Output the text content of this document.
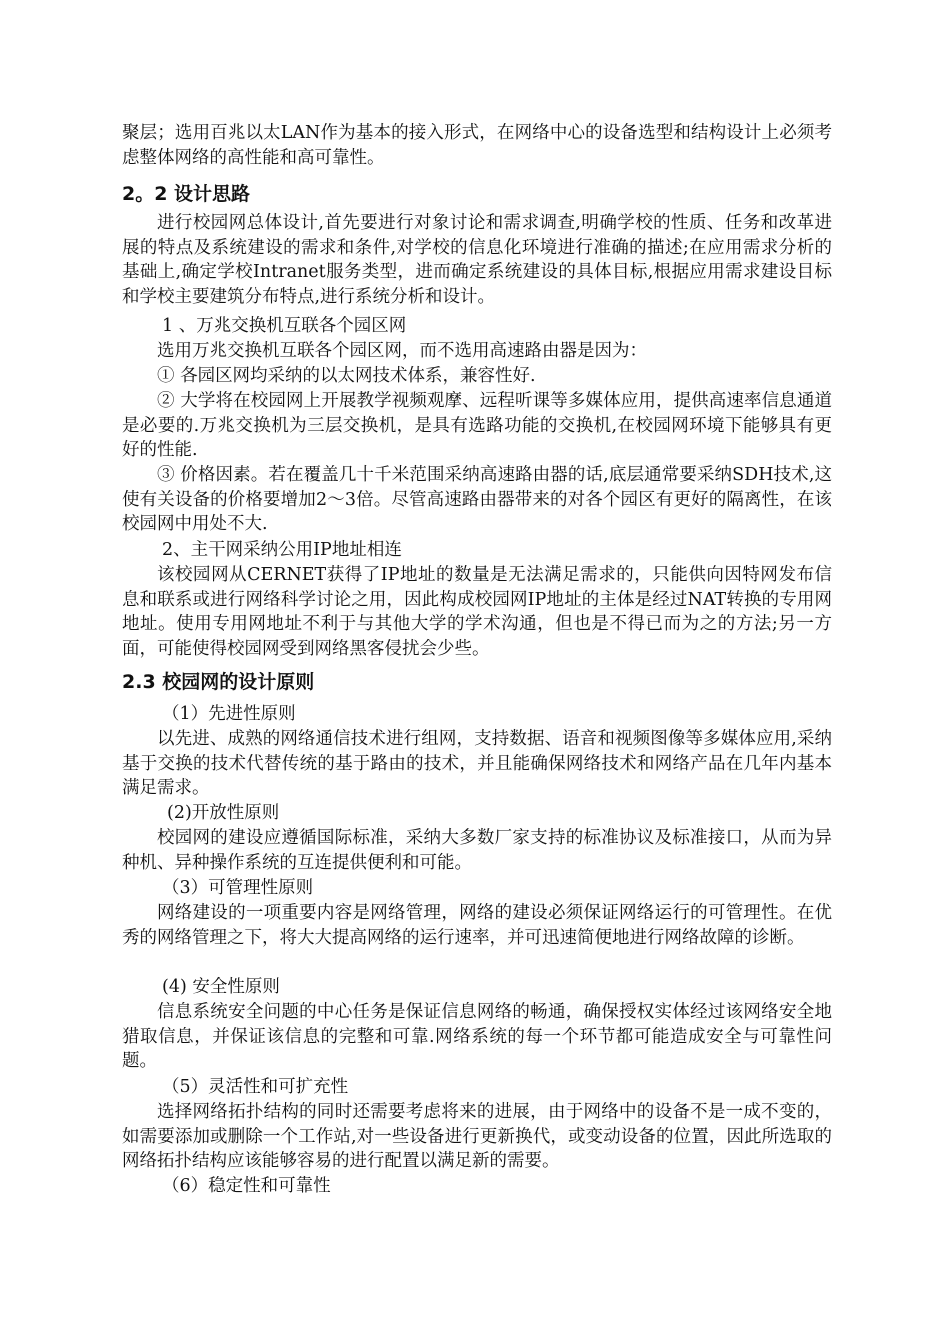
聚层；选用百兆以太LAN作为基本的接入形式，在网络中心的设备选型和结构设计上必须考虑整体网络的高性能和高可靠性。

2。2 设计思路

进行校园网总体设计,首先要进行对象讨论和需求调查,明确学校的性质、任务和改革进展的特点及系统建设的需求和条件,对学校的信息化环境进行准确的描述;在应用需求分析的基础上,确定学校Intranet服务类型，进而确定系统建设的具体目标,根据应用需求建设目标和学校主要建筑分布特点,进行系统分析和设计。

1 、万兆交换机互联各个园区网

选用万兆交换机互联各个园区网，而不选用高速路由器是因为：

① 各园区网均采纳的以太网技术体系，兼容性好.

② 大学将在校园网上开展教学视频观摩、远程听课等多媒体应用，提供高速率信息通道是必要的.万兆交换机为三层交换机，是具有选路功能的交换机,在校园网环境下能够具有更好的性能.

③ 价格因素。若在覆盖几十千米范围采纳高速路由器的话,底层通常要采纳SDH技术,这使有关设备的价格要增加2～3倍。尽管高速路由器带来的对各个园区有更好的隔离性，在该校园网中用处不大.

2、主干网采纳公用IP地址相连

该校园网从CERNET获得了IP地址的数量是无法满足需求的，只能供向因特网发布信息和联系或进行网络科学讨论之用，因此构成校园网IP地址的主体是经过NAT转换的专用网地址。使用专用网地址不利于与其他大学的学术沟通，但也是不得已而为之的方法;另一方面，可能使得校园网受到网络黑客侵扰会少些。

2.3 校园网的设计原则

（1）先进性原则

以先进、成熟的网络通信技术进行组网，支持数据、语音和视频图像等多媒体应用,采纳基于交换的技术代替传统的基于路由的技术，并且能确保网络技术和网络产品在几年内基本满足需求。

(2)开放性原则

校园网的建设应遵循国际标准，采纳大多数厂家支持的标准协议及标准接口，从而为异种机、异种操作系统的互连提供便利和可能。

（3）可管理性原则

网络建设的一项重要内容是网络管理，网络的建设必须保证网络运行的可管理性。在优秀的网络管理之下，将大大提高网络的运行速率，并可迅速简便地进行网络故障的诊断。

(4) 安全性原则

信息系统安全问题的中心任务是保证信息网络的畅通，确保授权实体经过该网络安全地猎取信息，并保证该信息的完整和可靠.网络系统的每一个环节都可能造成安全与可靠性问题。

（5）灵活性和可扩充性

选择网络拓扑结构的同时还需要考虑将来的进展，由于网络中的设备不是一成不变的，如需要添加或删除一个工作站,对一些设备进行更新换代，或变动设备的位置，因此所选取的网络拓扑结构应该能够容易的进行配置以满足新的需要。

（6）稳定性和可靠性
